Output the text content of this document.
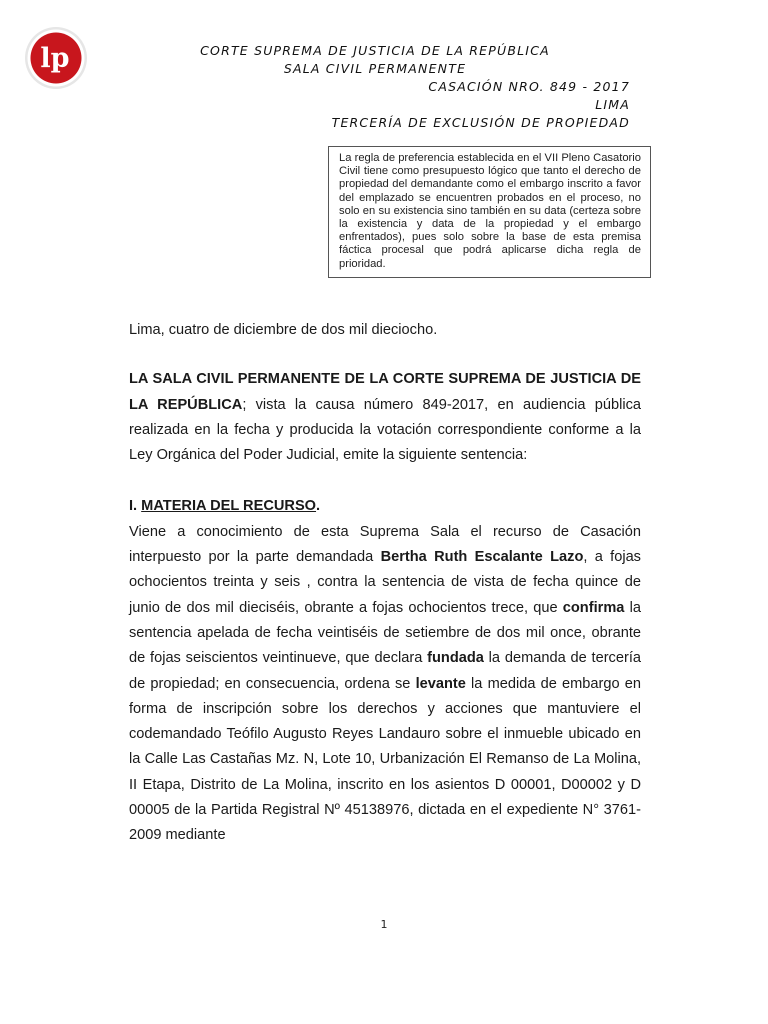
lp	CORTE SUPREMA DE JUSTICIA DE LA REPÚBLICA
SALA CIVIL PERMANENTE
CASACIÓN NRO. 849 - 2017
LIMA
TERCERÍA DE EXCLUSIÓN DE PROPIEDAD
La regla de preferencia establecida en el VII Pleno Casatorio Civil tiene como presupuesto lógico que tanto el derecho de propiedad del demandante como el embargo inscrito a favor del emplazado se encuentren probados en el proceso, no solo en su existencia sino también en su data (certeza sobre la existencia y data de la propiedad y el embargo enfrentados), pues solo sobre la base de esta premisa fáctica procesal que podrá aplicarse dicha regla de prioridad.

Lima, cuatro de diciembre de dos mil dieciocho.

LA SALA CIVIL PERMANENTE DE LA CORTE SUPREMA DE JUSTICIA DE LA REPÚBLICA; vista la causa número 849-2017, en audiencia pública realizada en la fecha y producida la votación correspondiente conforme a la Ley Orgánica del Poder Judicial, emite la siguiente sentencia:

I. MATERIA DEL RECURSO.

Viene a conocimiento de esta Suprema Sala el recurso de Casación interpuesto por la parte demandada Bertha Ruth Escalante Lazo, a fojas ochocientos treinta y seis , contra la sentencia de vista de fecha quince de junio de dos mil dieciséis, obrante a fojas ochocientos trece, que confirma la sentencia apelada de fecha veintiséis de setiembre de dos mil once, obrante de fojas seiscientos veintinueve, que declara fundada la demanda de tercería de propiedad; en consecuencia, ordena se levante la medida de embargo en forma de inscripción sobre los derechos y acciones que mantuviere el codemandado Teófilo Augusto Reyes Landauro sobre el inmueble ubicado en la Calle Las Castañas Mz. N, Lote 10, Urbanización El Remanso de La Molina, II Etapa, Distrito de La Molina, inscrito en los asientos D 00001, D00002 y D 00005 de la Partida Registral Nº 45138976, dictada en el expediente N° 3761-2009 mediante

1
